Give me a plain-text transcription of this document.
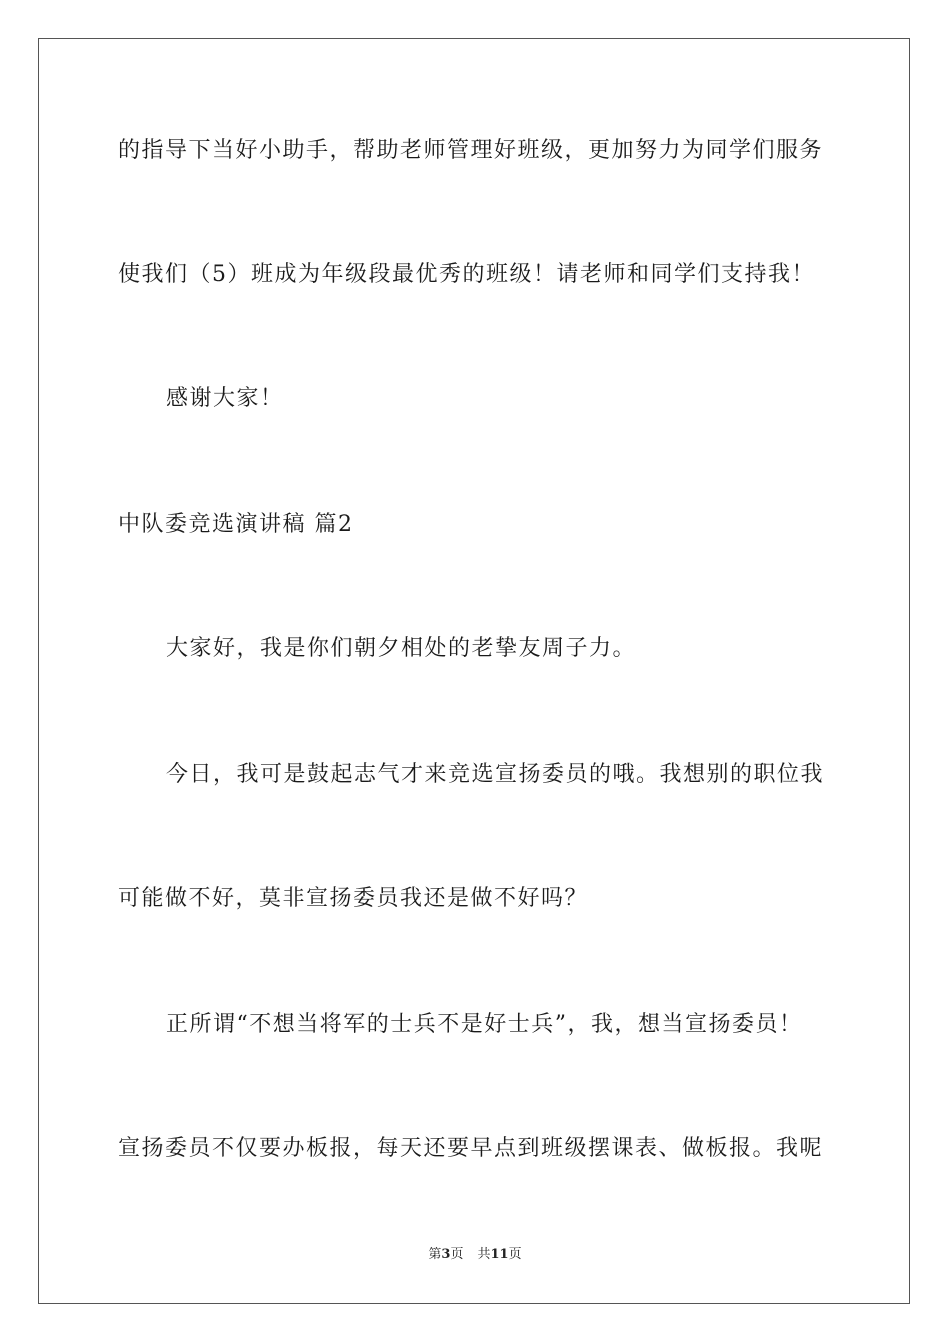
的指导下当好小助手，帮助老师管理好班级，更加努力为同学们服务
使我们（5）班成为年级段最优秀的班级！请老师和同学们支持我！
感谢大家！
中队委竞选演讲稿 篇2
大家好，我是你们朝夕相处的老挚友周子力。
今日，我可是鼓起志气才来竞选宣扬委员的哦。我想别的职位我
可能做不好，莫非宣扬委员我还是做不好吗？
正所谓“不想当将军的士兵不是好士兵”，我，想当宣扬委员！
宣扬委员不仅要办板报，每天还要早点到班级摆课表、做板报。我呢
第3页 共11页
